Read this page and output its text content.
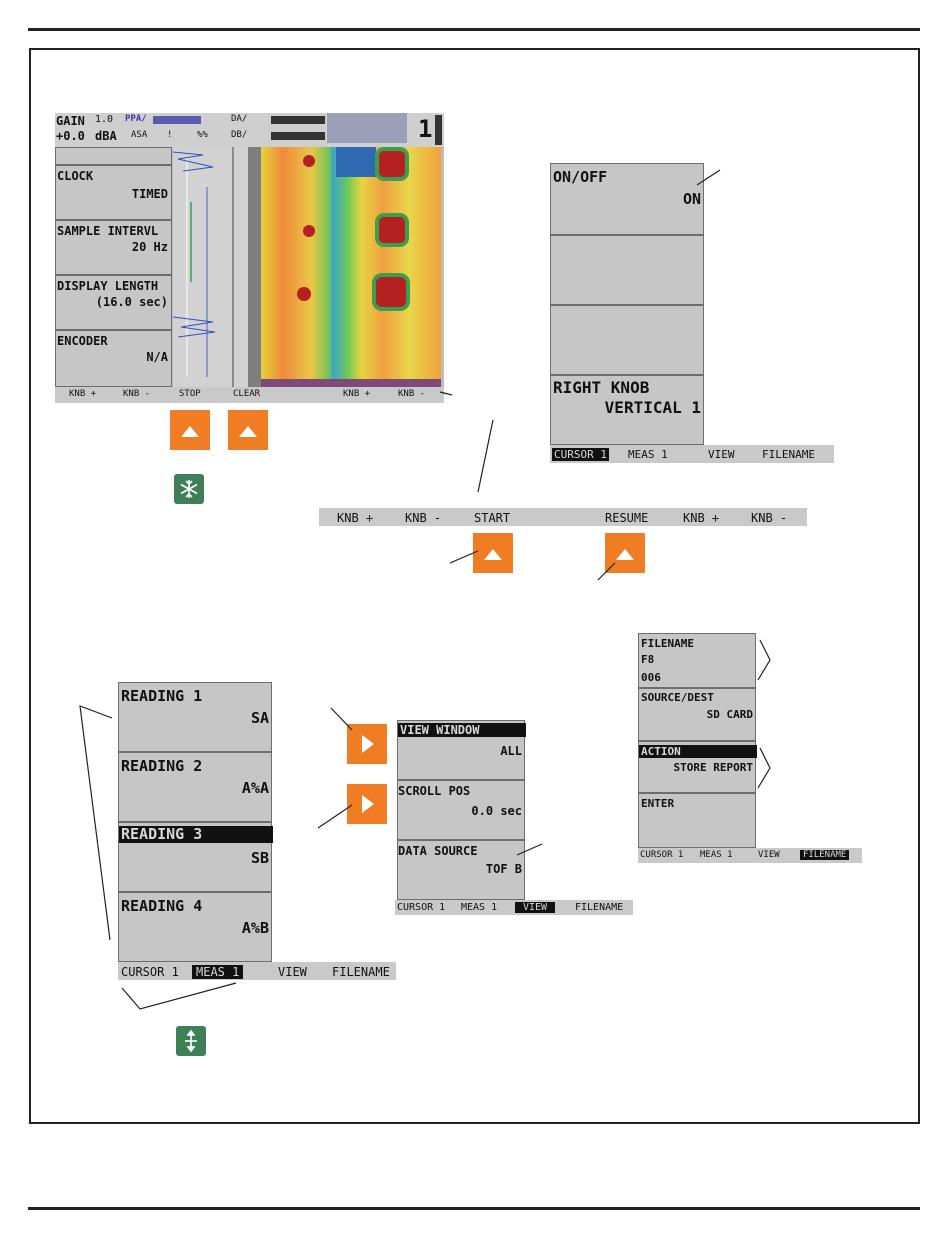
GAIN 1.0
+0.0 dBA
PPA/
ASA !	%%
DA/
DB/	1
CLOCK
TIMED
SAMPLE INTERVL
20 Hz
DISPLAY LENGTH
(16.0 sec)
ENCODER
N/A
KNB +	KNB -	STOP	CLEAR	KNB +	KNB -
ON/OFF
ON
RIGHT KNOB
VERTICAL 1
CURSOR 1 MEAS 1	VIEW	FILENAME
KNB +	KNB -	START	RESUME	KNB +	KNB -
READING 1
SA
READING 2
A%A
READING 3
SB
READING 4
A%B
CURSOR 1	MEAS 1	VIEW FILENAME
VIEW WINDOW
ALL
SCROLL POS
0.0 sec
DATA SOURCE
TOF B
CURSOR 1 MEAS 1	VIEW	FILENAME
FILENAME
F8
006
SOURCE/DEST
SD CARD
ACTION
STORE REPORT
ENTER
CURSOR 1 MEAS 1	VIEW	FILENAME
